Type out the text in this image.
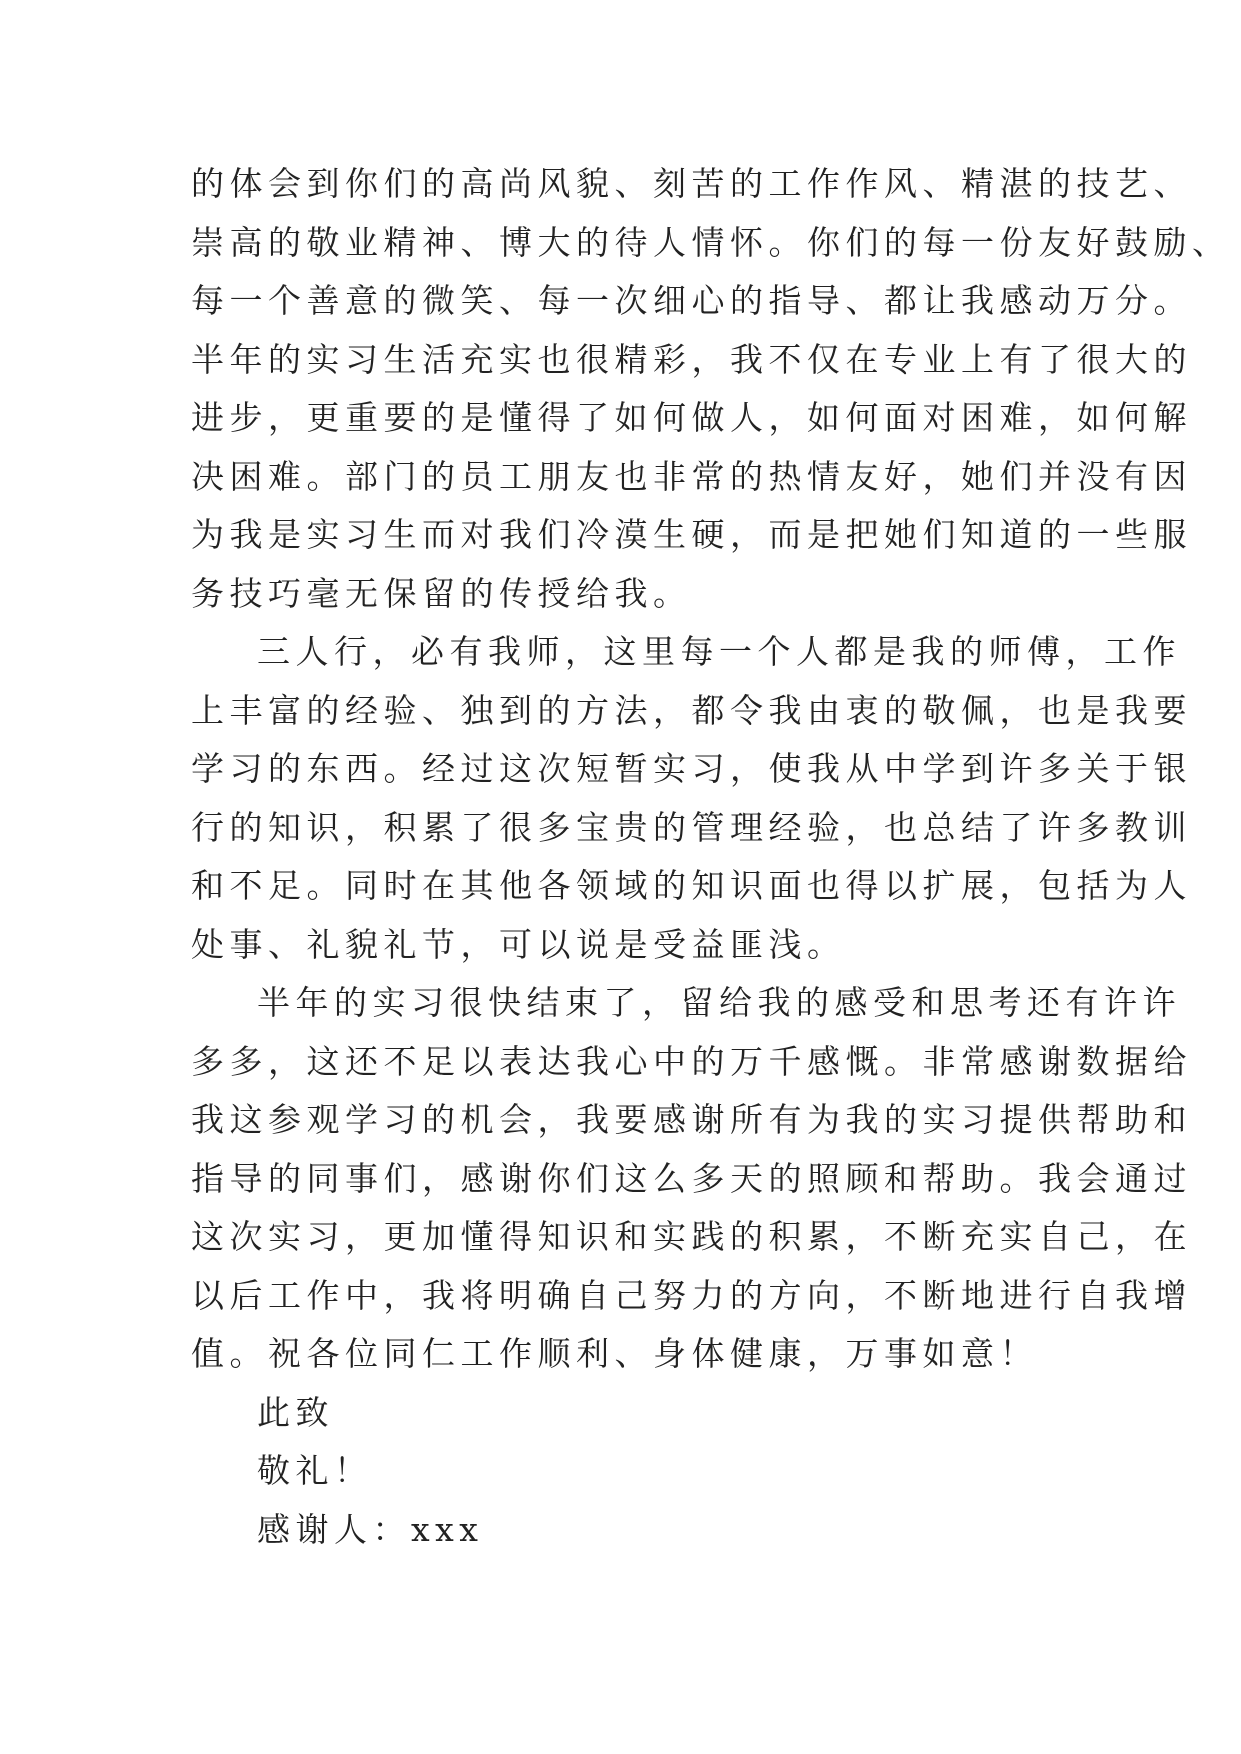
的体会到你们的高尚风貌、刻苦的工作作风、精湛的技艺、
崇高的敬业精神、博大的待人情怀。你们的每一份友好鼓励、
每一个善意的微笑、每一次细心的指导、都让我感动万分。
半年的实习生活充实也很精彩，我不仅在专业上有了很大的
进步，更重要的是懂得了如何做人，如何面对困难，如何解
决困难。部门的员工朋友也非常的热情友好，她们并没有因
为我是实习生而对我们冷漠生硬，而是把她们知道的一些服
务技巧毫无保留的传授给我。
三人行，必有我师，这里每一个人都是我的师傅，工作
上丰富的经验、独到的方法，都令我由衷的敬佩，也是我要
学习的东西。经过这次短暂实习，使我从中学到许多关于银
行的知识，积累了很多宝贵的管理经验，也总结了许多教训
和不足。同时在其他各领域的知识面也得以扩展，包括为人
处事、礼貌礼节，可以说是受益匪浅。
半年的实习很快结束了，留给我的感受和思考还有许许
多多，这还不足以表达我心中的万千感慨。非常感谢数据给
我这参观学习的机会，我要感谢所有为我的实习提供帮助和
指导的同事们，感谢你们这么多天的照顾和帮助。我会通过
这次实习，更加懂得知识和实践的积累，不断充实自己，在
以后工作中，我将明确自己努力的方向，不断地进行自我增
值。祝各位同仁工作顺利、身体健康，万事如意！
此致
敬礼！
感谢人：xxx
